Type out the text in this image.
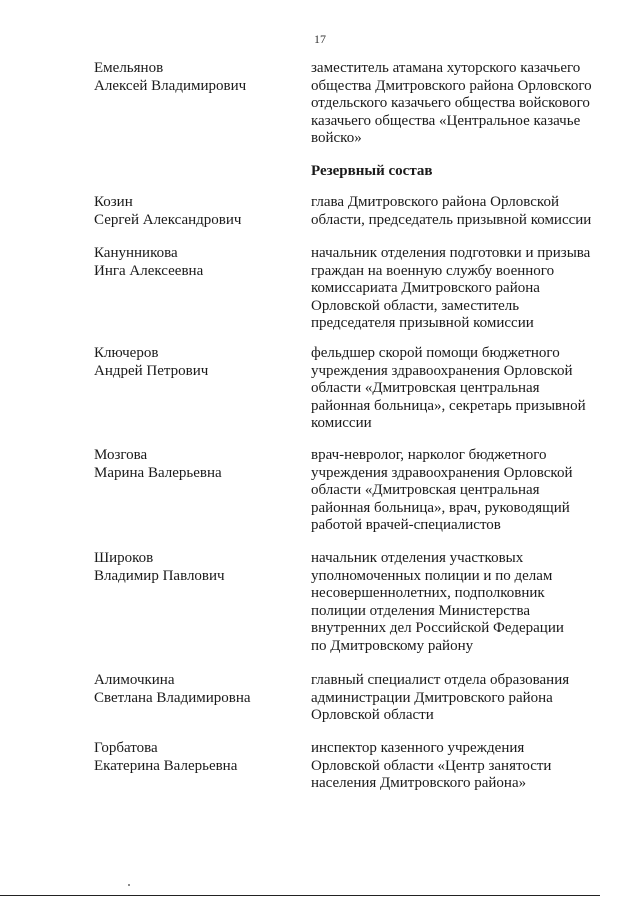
17
Емельянов
Алексей Владимирович
заместитель атамана хуторского казачьего
общества Дмитровского района Орловского
отдельского казачьего общества войскового
казачьего общества «Центральное казачье
войско»
Резервный состав
Козин
Сергей Александрович
глава Дмитровского района Орловской
области, председатель призывной комиссии
Канунникова
Инга Алексеевна
начальник отделения подготовки и призыва
граждан на военную службу военного
комиссариата Дмитровского района
Орловской области, заместитель
председателя призывной комиссии
Ключеров
Андрей Петрович
фельдшер скорой помощи бюджетного
учреждения здравоохранения Орловской
области «Дмитровская центральная
районная больница», секретарь призывной
комиссии
Мозгова
Марина Валерьевна
врач-невролог, нарколог бюджетного
учреждения здравоохранения Орловской
области «Дмитровская центральная
районная больница», врач, руководящий
работой врачей-специалистов
Широков
Владимир Павлович
начальник отделения участковых
уполномоченных полиции и по делам
несовершеннолетних, подполковник
полиции отделения Министерства
внутренних дел Российской Федерации
по Дмитровскому району
Алимочкина
Светлана Владимировна
главный специалист отдела образования
администрации Дмитровского района
Орловской области
Горбатова
Екатерина Валерьевна
инспектор казенного учреждения
Орловской области «Центр занятости
населения Дмитровского района»
